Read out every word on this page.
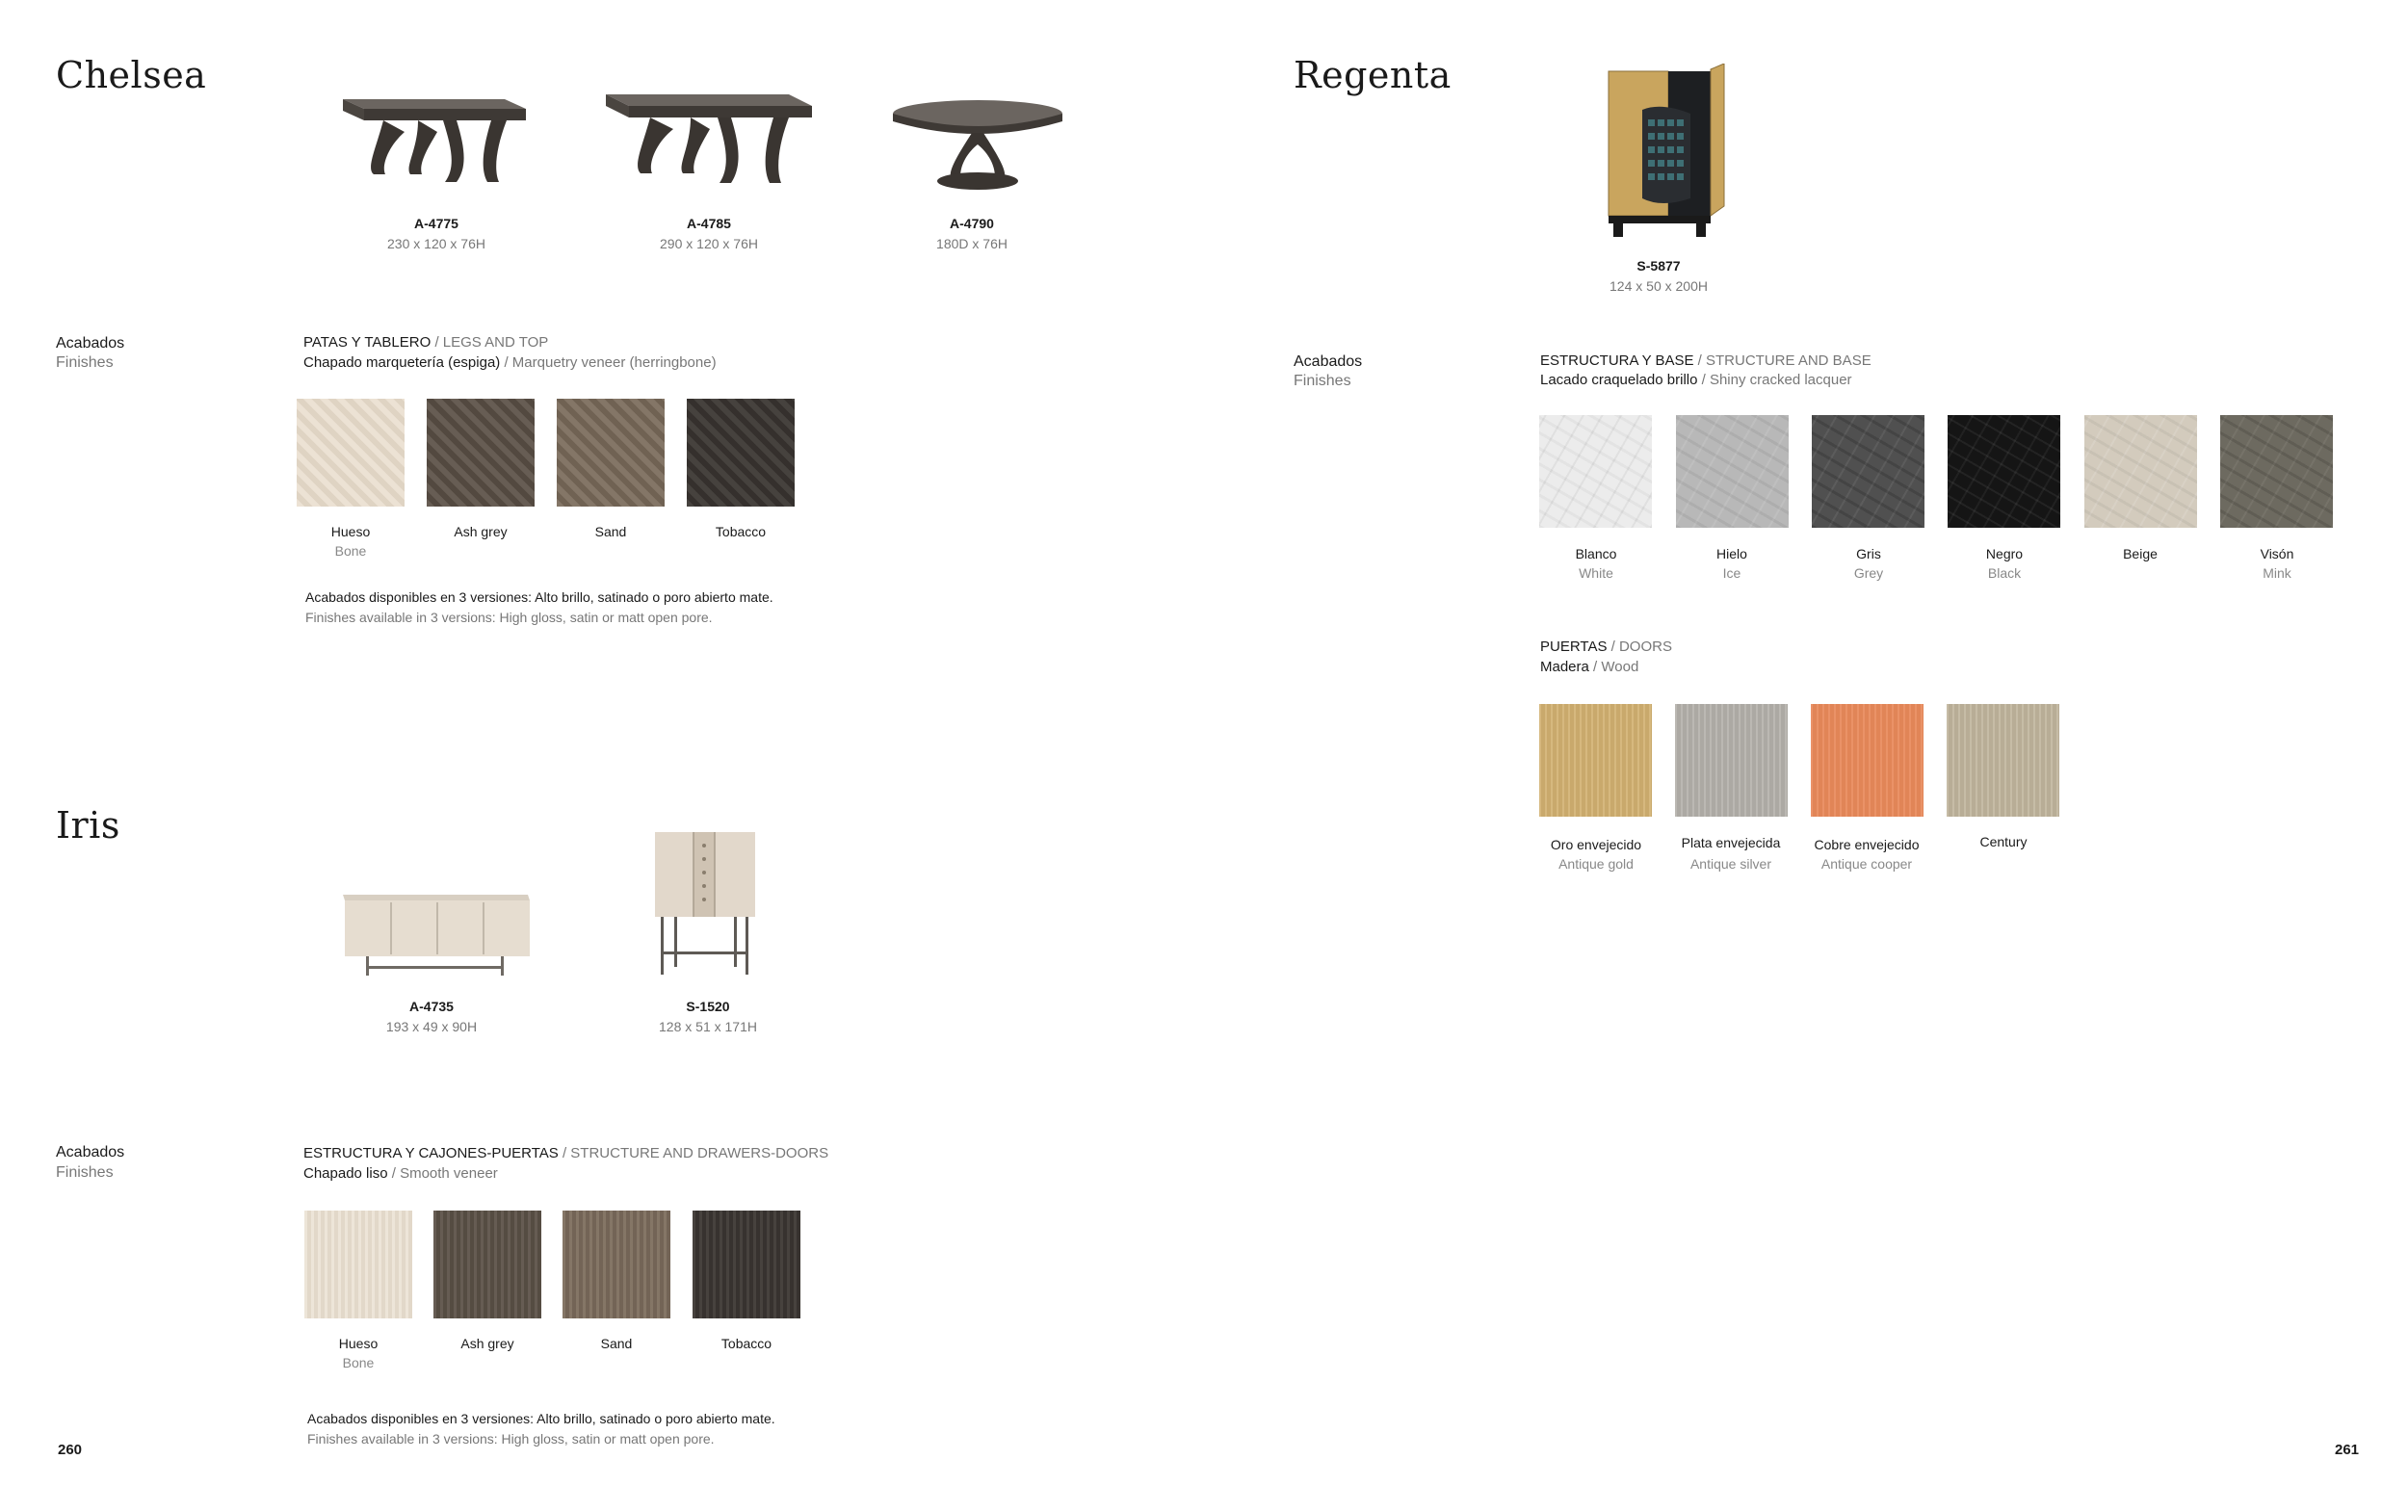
Chelsea
A-4775
230 x 120 x 76H
A-4785
290 x 120 x 76H
A-4790
180D x 76H
Acabados
Finishes
PATAS Y TABLERO / LEGS AND TOP
Chapado marquetería (espiga) / Marquetry veneer (herringbone)
Hueso
Bone
Ash grey	Sand	Tobacco
Acabados disponibles en 3 versiones: Alto brillo, satinado o poro abierto mate.
Finishes available in 3 versions: High gloss, satin or matt open pore.
Iris
A-4735
193 x 49 x 90H
S-1520
128 x 51 x 171H
Acabados
Finishes
ESTRUCTURA Y CAJONES-PUERTAS / STRUCTURE AND DRAWERS-DOORS
Chapado liso / Smooth veneer
Hueso
Bone
Ash grey	Sand	Tobacco
Acabados disponibles en 3 versiones: Alto brillo, satinado o poro abierto mate.
Finishes available in 3 versions: High gloss, satin or matt open pore.
260
Regenta
S-5877
124 x 50 x 200H
Acabados
Finishes
ESTRUCTURA Y BASE / STRUCTURE AND BASE
Lacado craquelado brillo / Shiny cracked lacquer
Blanco
White
Hielo
Ice
Gris
Grey
Negro
Black
Beige	Visón
Mink
PUERTAS / DOORS
Madera / Wood
Oro envejecido
Antique gold
Plata envejecida
Antique silver
Cobre envejecido
Antique cooper
Century
261
